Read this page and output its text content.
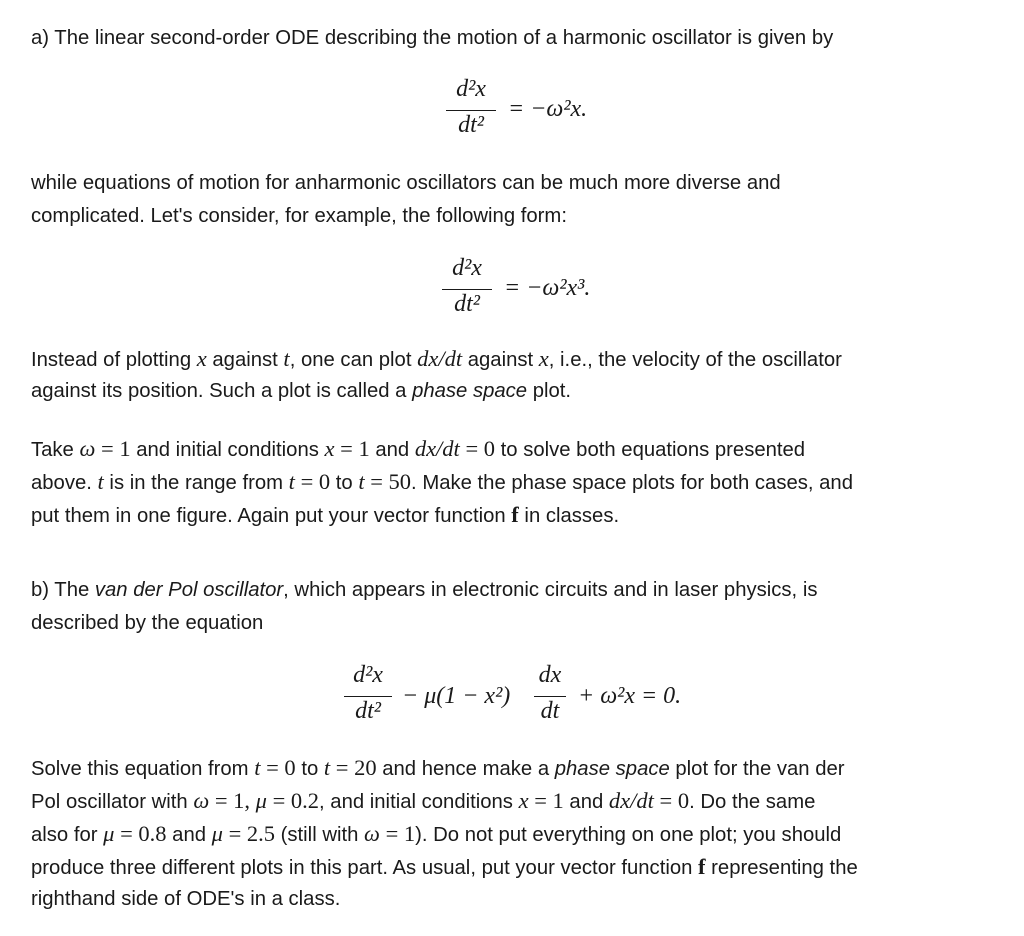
a) The linear second-order ODE describing the motion of a harmonic oscillator is given by
d²x
dt²
= −ω²x.
while equations of motion for anharmonic oscillators can be much more diverse and
complicated. Let's consider, for example, the following form:
d²x
dt²
= −ω²x³.
Instead of plotting x against t, one can plot dx/dt against x, i.e., the velocity of the oscillator
against its position. Such a plot is called a phase space plot.
Take ω = 1 and initial conditions x = 1 and dx/dt = 0 to solve both equations presented
above. t is in the range from t = 0 to t = 50. Make the phase space plots for both cases, and
put them in one figure. Again put your vector function f in classes.
b) The van der Pol oscillator, which appears in electronic circuits and in laser physics, is
described by the equation
d²x
dt²
− μ(1 − x²)
dx
dt
+ ω²x = 0.
Solve this equation from t = 0 to t = 20 and hence make a phase space plot for the van der
Pol oscillator with ω = 1, μ = 0.2, and initial conditions x = 1 and dx/dt = 0. Do the same
also for μ = 0.8 and μ = 2.5 (still with ω = 1). Do not put everything on one plot; you should
produce three different plots in this part. As usual, put your vector function f representing the
righthand side of ODE's in a class.
